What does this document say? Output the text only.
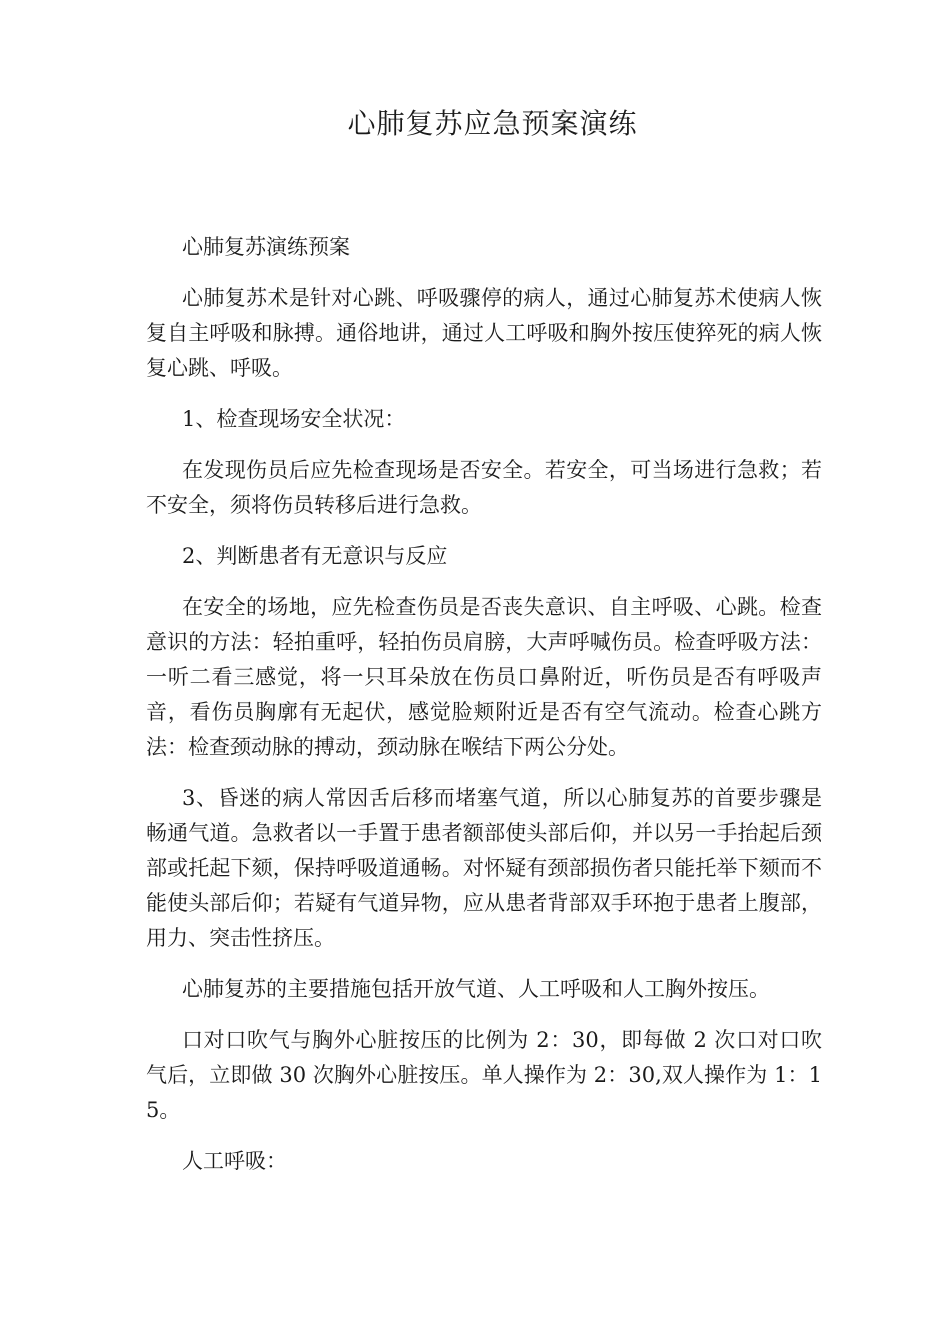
心肺复苏应急预案演练

心肺复苏演练预案

心肺复苏术是针对心跳、呼吸骤停的病人，通过心肺复苏术使病人恢复自主呼吸和脉搏。通俗地讲，通过人工呼吸和胸外按压使猝死的病人恢复心跳、呼吸。

1、检查现场安全状况：

在发现伤员后应先检查现场是否安全。若安全，可当场进行急救；若不安全，须将伤员转移后进行急救。

2、判断患者有无意识与反应

在安全的场地，应先检查伤员是否丧失意识、自主呼吸、心跳。检查意识的方法：轻拍重呼，轻拍伤员肩膀，大声呼喊伤员。检查呼吸方法：一听二看三感觉，将一只耳朵放在伤员口鼻附近，听伤员是否有呼吸声音，看伤员胸廓有无起伏，感觉脸颊附近是否有空气流动。检查心跳方法：检查颈动脉的搏动，颈动脉在喉结下两公分处。

3、昏迷的病人常因舌后移而堵塞气道，所以心肺复苏的首要步骤是畅通气道。急救者以一手置于患者额部使头部后仰，并以另一手抬起后颈部或托起下颏，保持呼吸道通畅。对怀疑有颈部损伤者只能托举下颏而不能使头部后仰；若疑有气道异物，应从患者背部双手环抱于患者上腹部，用力、突击性挤压。

心肺复苏的主要措施包括开放气道、人工呼吸和人工胸外按压。

口对口吹气与胸外心脏按压的比例为 2：30，即每做 2 次口对口吹气后，立即做 30 次胸外心脏按压。单人操作为 2：30,双人操作为 1：15。

人工呼吸：
